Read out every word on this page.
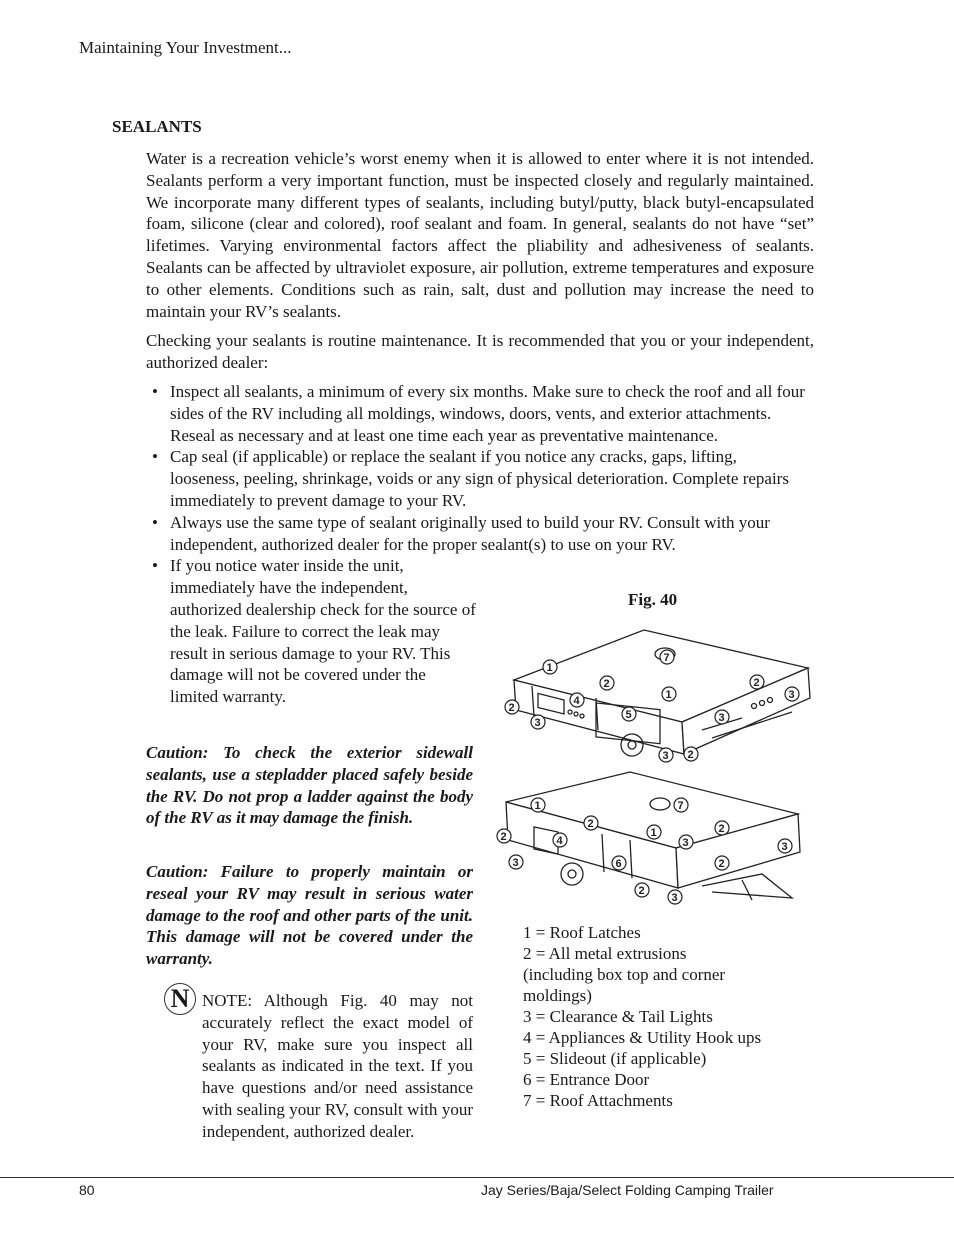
Maintaining Your Investment...
SEALANTS
Water is a recreation vehicle’s worst enemy when it is allowed to enter where it is not intended. Sealants perform a very important function, must be inspected closely and regularly maintained. We incorporate many different types of sealants, including butyl/putty, black butyl-encapsulated foam, silicone (clear and colored), roof sealant and foam. In general, sealants do not have “set” lifetimes. Varying environmental factors affect the pliability and adhesiveness of sealants. Sealants can be affected by ultraviolet exposure, air pollution, extreme temperatures and exposure to other elements. Conditions such as rain, salt, dust and pollution may increase the need to maintain your RV’s sealants.
Checking your sealants is routine maintenance. It is recommended that you or your independent, authorized dealer:
• Inspect all sealants, a minimum of every six months. Make sure to check the roof and all four sides of the RV including all moldings, windows, doors, vents, and exterior attachments. Reseal as necessary and at least one time each year as preventative maintenance.
• Cap seal (if applicable) or replace the sealant if you notice any cracks, gaps, lifting, looseness, peeling, shrinkage, voids or any sign of physical deterioration. Complete repairs immediately to prevent damage to your RV.
• Always use the same type of sealant originally used to build your RV. Consult with your independent, authorized dealer for the proper sealant(s) to use on your RV.
• If you notice water inside the unit, immediately have the independent, authorized dealership check for the source of the leak. Failure to correct the leak may result in serious damage to your RV. This damage will not be covered under the limited warranty.
Caution: To check the exterior sidewall sealants, use a stepladder placed safely beside the RV. Do not prop a ladder against the body of the RV as it may damage the finish.
Caution: Failure to properly maintain or reseal your RV may result in serious water damage to the roof and other parts of the unit. This damage will not be covered under the warranty.
N NOTE: Although Fig. 40 may not accurately reflect the exact model of your RV, make sure you inspect all sealants as indicated in the text. If you have questions and/or need assistance with sealing your RV, consult with your independent, authorized dealer.
Fig. 40
1
7
2
1
2
3
4
2
3
5	3
3 2
1	7
2
1	2
4	3	3
2
3	6	2
2
3
1 = Roof Latches
2 = All metal extrusions
(including box top and corner
moldings)
3 = Clearance & Tail Lights
4 = Appliances & Utility Hook ups
5 = Slideout (if applicable)
6 = Entrance Door
7 = Roof Attachments
80	Jay Series/Baja/Select Folding Camping Trailer
